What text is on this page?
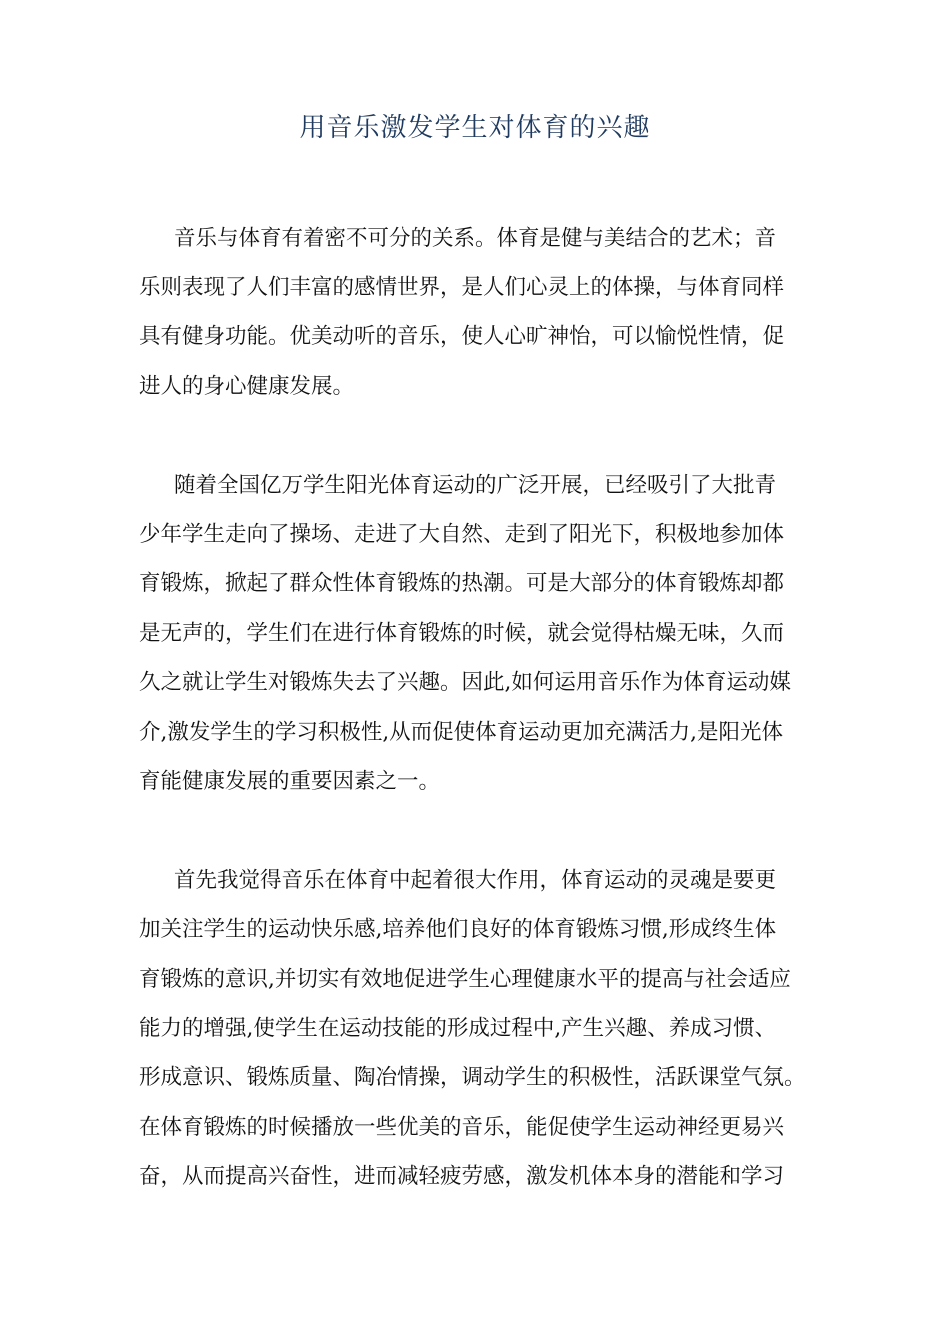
用音乐激发学生对体育的兴趣
音乐与体育有着密不可分的关系。体育是健与美结合的艺术；音
乐则表现了人们丰富的感情世界，是人们心灵上的体操，与体育同样
具有健身功能。优美动听的音乐，使人心旷神怡，可以愉悦性情，促
进人的身心健康发展。
随着全国亿万学生阳光体育运动的广泛开展，已经吸引了大批青
少年学生走向了操场、走进了大自然、走到了阳光下，积极地参加体
育锻炼，掀起了群众性体育锻炼的热潮。可是大部分的体育锻炼却都
是无声的，学生们在进行体育锻炼的时候，就会觉得枯燥无味，久而
久之就让学生对锻炼失去了兴趣。因此,如何运用音乐作为体育运动媒
介,激发学生的学习积极性,从而促使体育运动更加充满活力,是阳光体
育能健康发展的重要因素之一。
首先我觉得音乐在体育中起着很大作用，体育运动的灵魂是要更
加关注学生的运动快乐感,培养他们良好的体育锻炼习惯,形成终生体
育锻炼的意识,并切实有效地促进学生心理健康水平的提高与社会适应
能力的增强,使学生在运动技能的形成过程中,产生兴趣、养成习惯、
形成意识、锻炼质量、陶冶情操，调动学生的积极性，活跃课堂气氛。
在体育锻炼的时候播放一些优美的音乐，能促使学生运动神经更易兴
奋，从而提高兴奋性，进而减轻疲劳感，激发机体本身的潜能和学习
